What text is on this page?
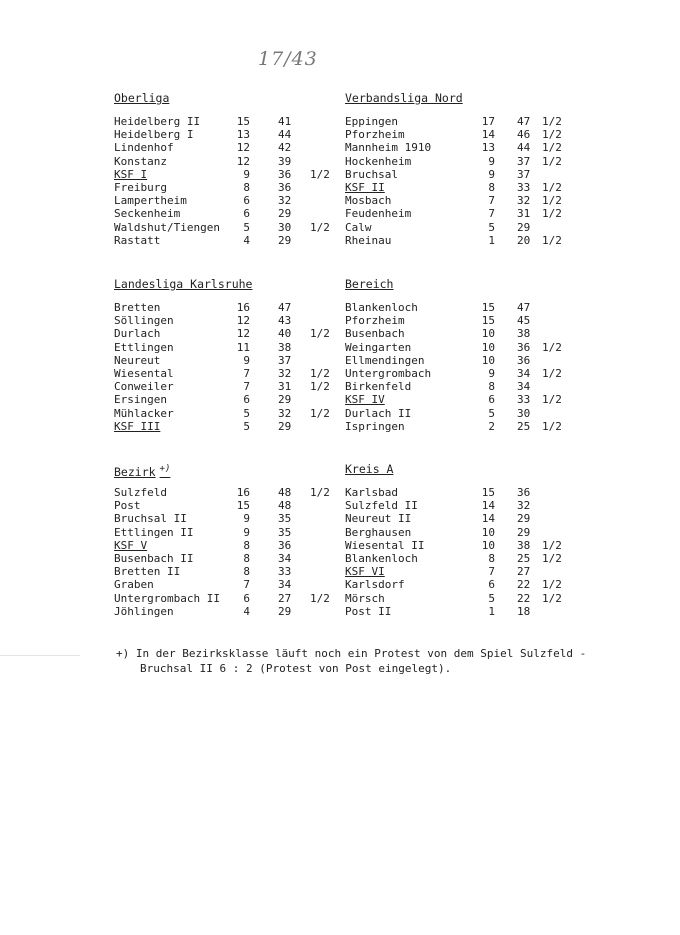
17/43
Oberliga
Heidelberg II	15	41
Heidelberg I	13	44
Lindenhof	12	42
Konstanz	12	39
KSF I	9	36 1/2
Freiburg	8	36
Lampertheim	6	32
Seckenheim	6	29
Waldshut/Tiengen	5	30 1/2
Rastatt	4	29
Verbandsliga Nord
Eppingen	17 47 1/2
Pforzheim	14 46 1/2
Mannheim 1910	13 44 1/2
Hockenheim	9 37 1/2
Bruchsal	9 37
KSF II	8 33 1/2
Mosbach	7 32 1/2
Feudenheim	7 31 1/2
Calw	5 29
Rheinau	1 20 1/2
Landesliga Karlsruhe
Bretten	16	47
Söllingen	12	43
Durlach	12	40 1/2
Ettlingen	11	38
Neureut	9	37
Wiesental	7	32 1/2
Conweiler	7	31 1/2
Ersingen	6	29
Mühlacker	5	32 1/2
KSF III	5	29
Bereich
Blankenloch	15 47
Pforzheim	15 45
Busenbach	10 38
Weingarten	10 36 1/2
Ellmendingen	10 36
Untergrombach	9 34 1/2
Birkenfeld	8 34
KSF IV	6 33 1/2
Durlach II	5 30
Ispringen	2 25 1/2
Bezirk +)
Sulzfeld	16	48 1/2
Post	15	48
Bruchsal II	9	35
Ettlingen II	9	35
KSF V	8	36
Busenbach II	8	34
Bretten II	8	33
Graben	7	34
Untergrombach II	6	27 1/2
Jöhlingen	4	29
Kreis A
Karlsbad	15 36
Sulzfeld II	14 32
Neureut II	14 29
Berghausen	10 29
Wiesental II	10 38 1/2
Blankenloch	8 25 1/2
KSF VI	7 27
Karlsdorf	6 22 1/2
Mörsch	5 22 1/2
Post II	1 18
+) In der Bezirksklasse läuft noch ein Protest von dem Spiel Sulzfeld -
Bruchsal II 6 : 2 (Protest von Post eingelegt).
